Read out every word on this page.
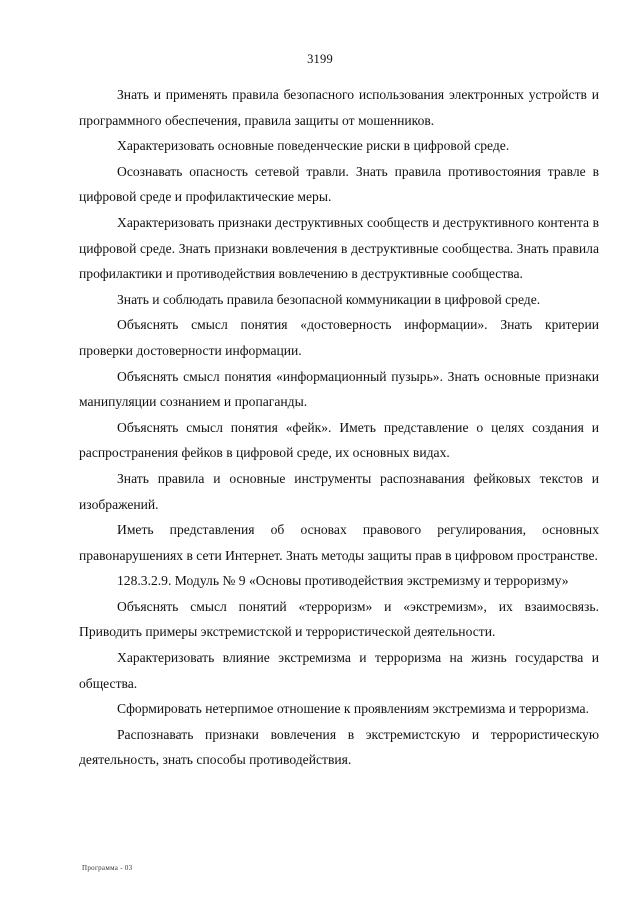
3199

Знать и применять правила безопасного использования электронных устройств и программного обеспечения, правила защиты от мошенников.

Характеризовать основные поведенческие риски в цифровой среде.

Осознавать опасность сетевой травли. Знать правила противостояния травле в цифровой среде и профилактические меры.

Характеризовать признаки деструктивных сообществ и деструктивного контента в цифровой среде. Знать признаки вовлечения в деструктивные сообщества. Знать правила профилактики и противодействия вовлечению в деструктивные сообщества.

Знать и соблюдать правила безопасной коммуникации в цифровой среде.

Объяснять смысл понятия «достоверность информации». Знать критерии проверки достоверности информации.

Объяснять смысл понятия «информационный пузырь». Знать основные признаки манипуляции сознанием и пропаганды.

Объяснять смысл понятия «фейк». Иметь представление о целях создания и распространения фейков в цифровой среде, их основных видах.

Знать правила и основные инструменты распознавания фейковых текстов и изображений.

Иметь представления об основах правового регулирования, основных правонарушениях в сети Интернет. Знать методы защиты прав в цифровом пространстве.

128.3.2.9. Модуль № 9 «Основы противодействия экстремизму и терроризму»

Объяснять смысл понятий «терроризм» и «экстремизм», их взаимосвязь. Приводить примеры экстремистской и террористической деятельности.

Характеризовать влияние экстремизма и терроризма на жизнь государства и общества.

Сформировать нетерпимое отношение к проявлениям экстремизма и терроризма.

Распознавать признаки вовлечения в экстремистскую и террористическую деятельность, знать способы противодействия.

Программа - 03
